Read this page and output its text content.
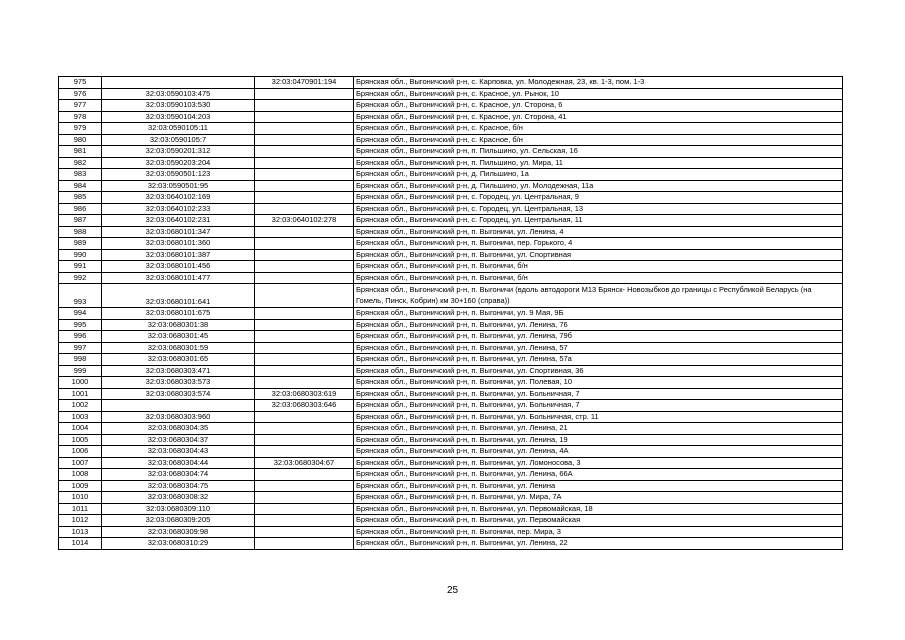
975		32:03:0470901:194	Брянская обл., Выгоничский р-н, с. Карповка, ул. Молодежная, 23, кв. 1-3, пом. 1-3
976	32:03:0590103:475		Брянская обл., Выгоничский р-н, с. Красное, ул. Рынок, 10
977	32:03:0590103:530		Брянская обл., Выгоничский р-н, с. Красное, ул. Сторона, 6
978	32:03:0590104:203		Брянская обл., Выгоничский р-н, с. Красное, ул. Сторона, 41
979	32:03:0590105:11		Брянская обл., Выгоничский р-н, с. Красное, б/н
980	32:03:0590105:7		Брянская обл., Выгоничский р-н, с. Красное, б/н
981	32:03:0590201:312		Брянская обл., Выгоничский р-н, п. Пильшино, ул. Сельская, 16
982	32:03:0590203:204		Брянская обл., Выгоничский р-н, п. Пильшино, ул. Мира, 11
983	32:03:0590501:123		Брянская обл., Выгоничский р-н, д. Пильшино, 1а
984	32:03:0590501:95		Брянская обл., Выгоничский р-н, д. Пильшино, ул. Молодежная, 11а
985	32:03:0640102:169		Брянская обл., Выгоничский р-н, с. Городец, ул. Центральная, 9
986	32:03:0640102:233		Брянская обл., Выгоничский р-н, с. Городец, ул. Центральная, 13
987	32:03:0640102:231	32:03:0640102:278	Брянская обл., Выгоничский р-н, с. Городец, ул. Центральная, 11
988	32:03:0680101:347		Брянская обл., Выгоничский р-н, п. Выгоничи, ул. Ленина, 4
989	32:03:0680101:360		Брянская обл., Выгоничский р-н, п. Выгоничи, пер. Горького, 4
990	32:03:0680101:387		Брянская обл., Выгоничский р-н, п. Выгоничи, ул. Спортивная
991	32:03:0680101:456		Брянская обл., Выгоничский р-н, п. Выгоничи, б/н
992	32:03:0680101:477		Брянская обл., Выгоничский р-н, п. Выгоничи, б/н
993	32:03:0680101:641		Брянская обл., Выгоничский р-н, п. Выгоничи (вдоль автодороги М13 Брянск- Новозыбков до границы с Республикой Беларусь (на Гомель, Пинск, Кобрин) км 30+160 (справа))
994	32:03:0680101:675		Брянская обл., Выгоничский р-н, п. Выгоничи, ул. 9 Мая, 9Б
995	32:03:0680301:38		Брянская обл., Выгоничский р-н, п. Выгоничи, ул. Ленина, 76
996	32:03:0680301:45		Брянская обл., Выгоничский р-н, п. Выгоничи, ул. Ленина, 79б
997	32:03:0680301:59		Брянская обл., Выгоничский р-н, п. Выгоничи, ул. Ленина, 57
998	32:03:0680301:65		Брянская обл., Выгоничский р-н, п. Выгоничи, ул. Ленина, 57а
999	32:03:0680303:471		Брянская обл., Выгоничский р-н, п. Выгоничи, ул. Спортивная, 36
1000	32:03:0680303:573		Брянская обл., Выгоничский р-н, п. Выгоничи, ул. Полевая, 10
1001	32:03:0680303:574	32:03:0680303:619	Брянская обл., Выгоничский р-н, п. Выгоничи, ул. Больничная, 7
1002		32:03:0680303:646	Брянская обл., Выгоничский р-н, п. Выгоничи, ул. Больничная, 7
1003	32:03:0680303:960		Брянская обл., Выгоничский р-н, п. Выгоничи, ул. Больничная, стр. 11
1004	32:03:0680304:35		Брянская обл., Выгоничский р-н, п. Выгоничи, ул. Ленина, 21
1005	32:03:0680304:37		Брянская обл., Выгоничский р-н, п. Выгоничи, ул. Ленина, 19
1006	32:03:0680304:43		Брянская обл., Выгоничский р-н, п. Выгоничи, ул. Ленина, 4А
1007	32:03:0680304:44	32:03:0680304:67	Брянская обл., Выгоничский р-н, п. Выгоничи, ул. Ломоносова, 3
1008	32:03:0680304:74		Брянская обл., Выгоничский р-н, п. Выгоничи, ул. Ленина, 66А
1009	32:03:0680304:75		Брянская обл., Выгоничский р-н, п. Выгоничи, ул. Ленина
1010	32:03:0680308:32		Брянская обл., Выгоничский р-н, п. Выгоничи, ул. Мира, 7А
1011	32:03:0680309:110		Брянская обл., Выгоничский р-н, п. Выгоничи, ул. Первомайская, 18
1012	32:03:0680309:205		Брянская обл., Выгоничский р-н, п. Выгоничи, ул. Первомайская
1013	32:03:0680309:98		Брянская обл., Выгоничский р-н, п. Выгоничи, пер. Мира, 3
1014	32:03:0680310:29		Брянская обл., Выгоничский р-н, п. Выгоничи, ул. Ленина, 22
25
